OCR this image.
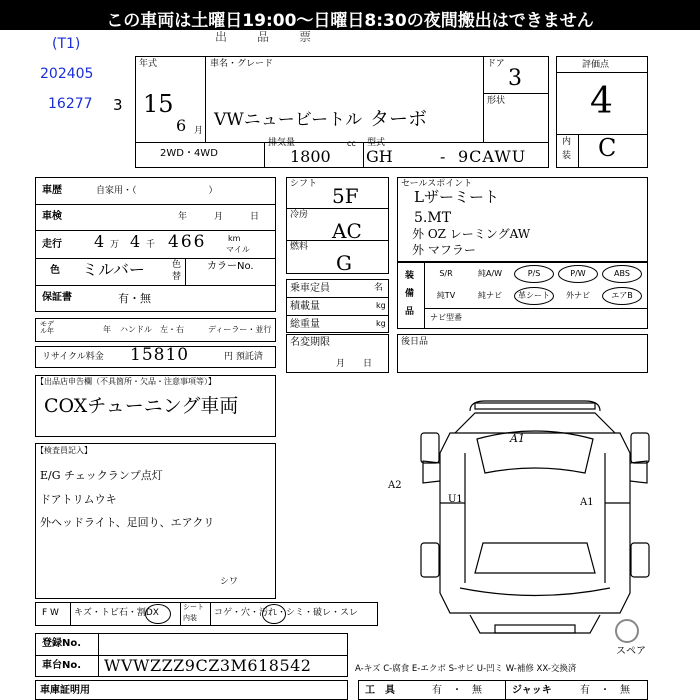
この車両は土曜日19:00～日曜日8:30の夜間搬出はできません
出品票
(T1)
202405
16277 3
年式
15
6 月
車名・グレード
VWニュービートル ターボ
ドア
3
形状
2WD・4WD
排気量
1800
cc 型式
GH	- 9CAWU
評価点
4
内
装 C
車歴	自家用・（　　　　　　　　）
車検	年　　　月　　　日
走行 4 万 4 千 466	km
マイル
色 ミルバー	色
替
カラーNo.
保証書	有・無
モデル年	年 ハンドル　左・右	ディーラー・並行
リサイクル料金 15810	円 預託済
シフト 5F
冷房
AC
燃料
G
乗車定員	名
積載量	kg
総重量	kg
名変期限
月　　日
セールスポイント
Lザーミート
5.MT
外 OZ レーミングAW
外 マフラー
装
備
品
ナビ型番
後日品
【出品店申告欄（不具箇所・欠品・注意事項等）】
COXチューニング車両
【検査員記入】
E/G チェックランプ点灯
ドアトリムウキ
外ヘッドライト、足回り、エアクリ
A1
A2
U1	A1
スペア
A-キズ C-腐食 E-エクボ S-サビ U-凹ミ W-補修 XX-交換済
F W キズ・トビ石・割DX
シート
内装 コゲ・穴・汚れ・シミ・破レ・スレ
シワ
登録No.
車台No. WVWZZZ9CZ3M618542
車庫証明用	工　具	有　・　無	ジャッキ	有　・　無
S/R	純A/W	P/S	P/W	ABS
純TV	純ナビ	革シート	外ナビ	エアB
